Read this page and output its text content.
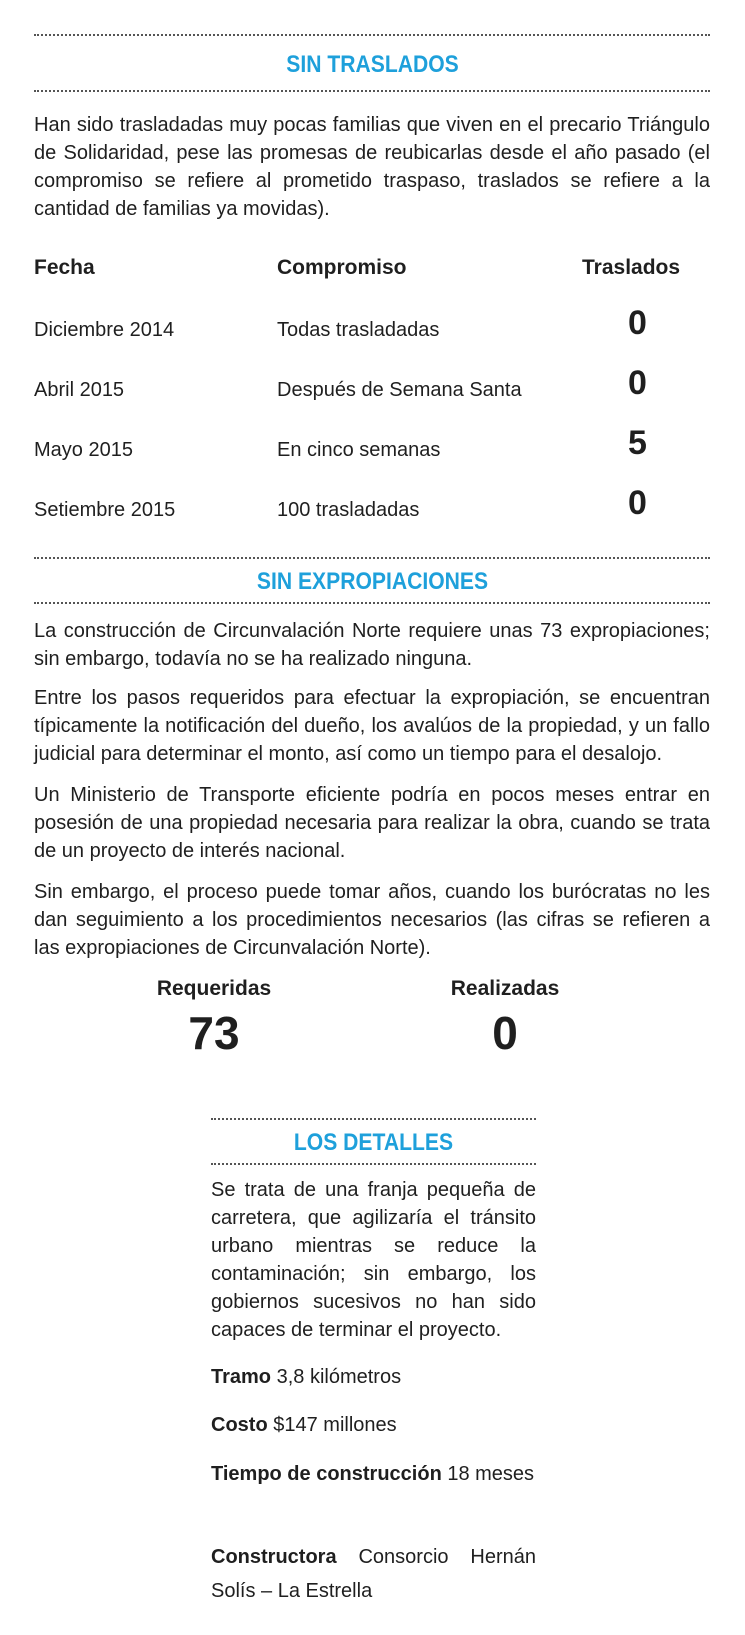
SIN TRASLADOS

Han sido trasladadas muy pocas familias que viven en el precario Triángulo de Solidaridad, pese las promesas de reubicarlas desde el año pasado (el compromiso se refiere al prometido traspaso, traslados se refiere a la cantidad de familias ya movidas).

Fecha	Compromiso	Traslados
Diciembre 2014	Todas trasladadas	0
Abril 2015	Después de Semana Santa	0
Mayo 2015	En cinco semanas	5
Setiembre 2015	100 trasladadas	0
SIN EXPROPIACIONES

La construcción de Circunvalación Norte requiere unas 73 expropiaciones; sin embargo, todavía no se ha realizado ninguna.

Entre los pasos requeridos para efectuar la expropiación, se encuentran típicamente la notificación del dueño, los avalúos de la propiedad, y un fallo judicial para determinar el monto, así como un tiempo para el desalojo.

Un Ministerio de Transporte eficiente podría en pocos meses entrar en posesión de una propiedad necesaria para realizar la obra, cuando se trata de un proyecto de interés nacional.

Sin embargo, el proceso puede tomar años, cuando los burócratas no les dan seguimiento a los procedimientos necesarios (las cifras se refieren a las expropiaciones de Circunvalación Norte).

Requeridas
73
Realizadas
0
LOS DETALLES

Se trata de una franja pequeña de carretera, que agilizaría el tránsito urbano mientras se reduce la contaminación; sin embargo, los gobiernos sucesivos no han sido capaces de terminar el proyecto.

Tramo 3,8 kilómetros

Costo $147 millones

Tiempo de construcción 18 meses

Constructora Consorcio Hernán Solís – La Estrella
